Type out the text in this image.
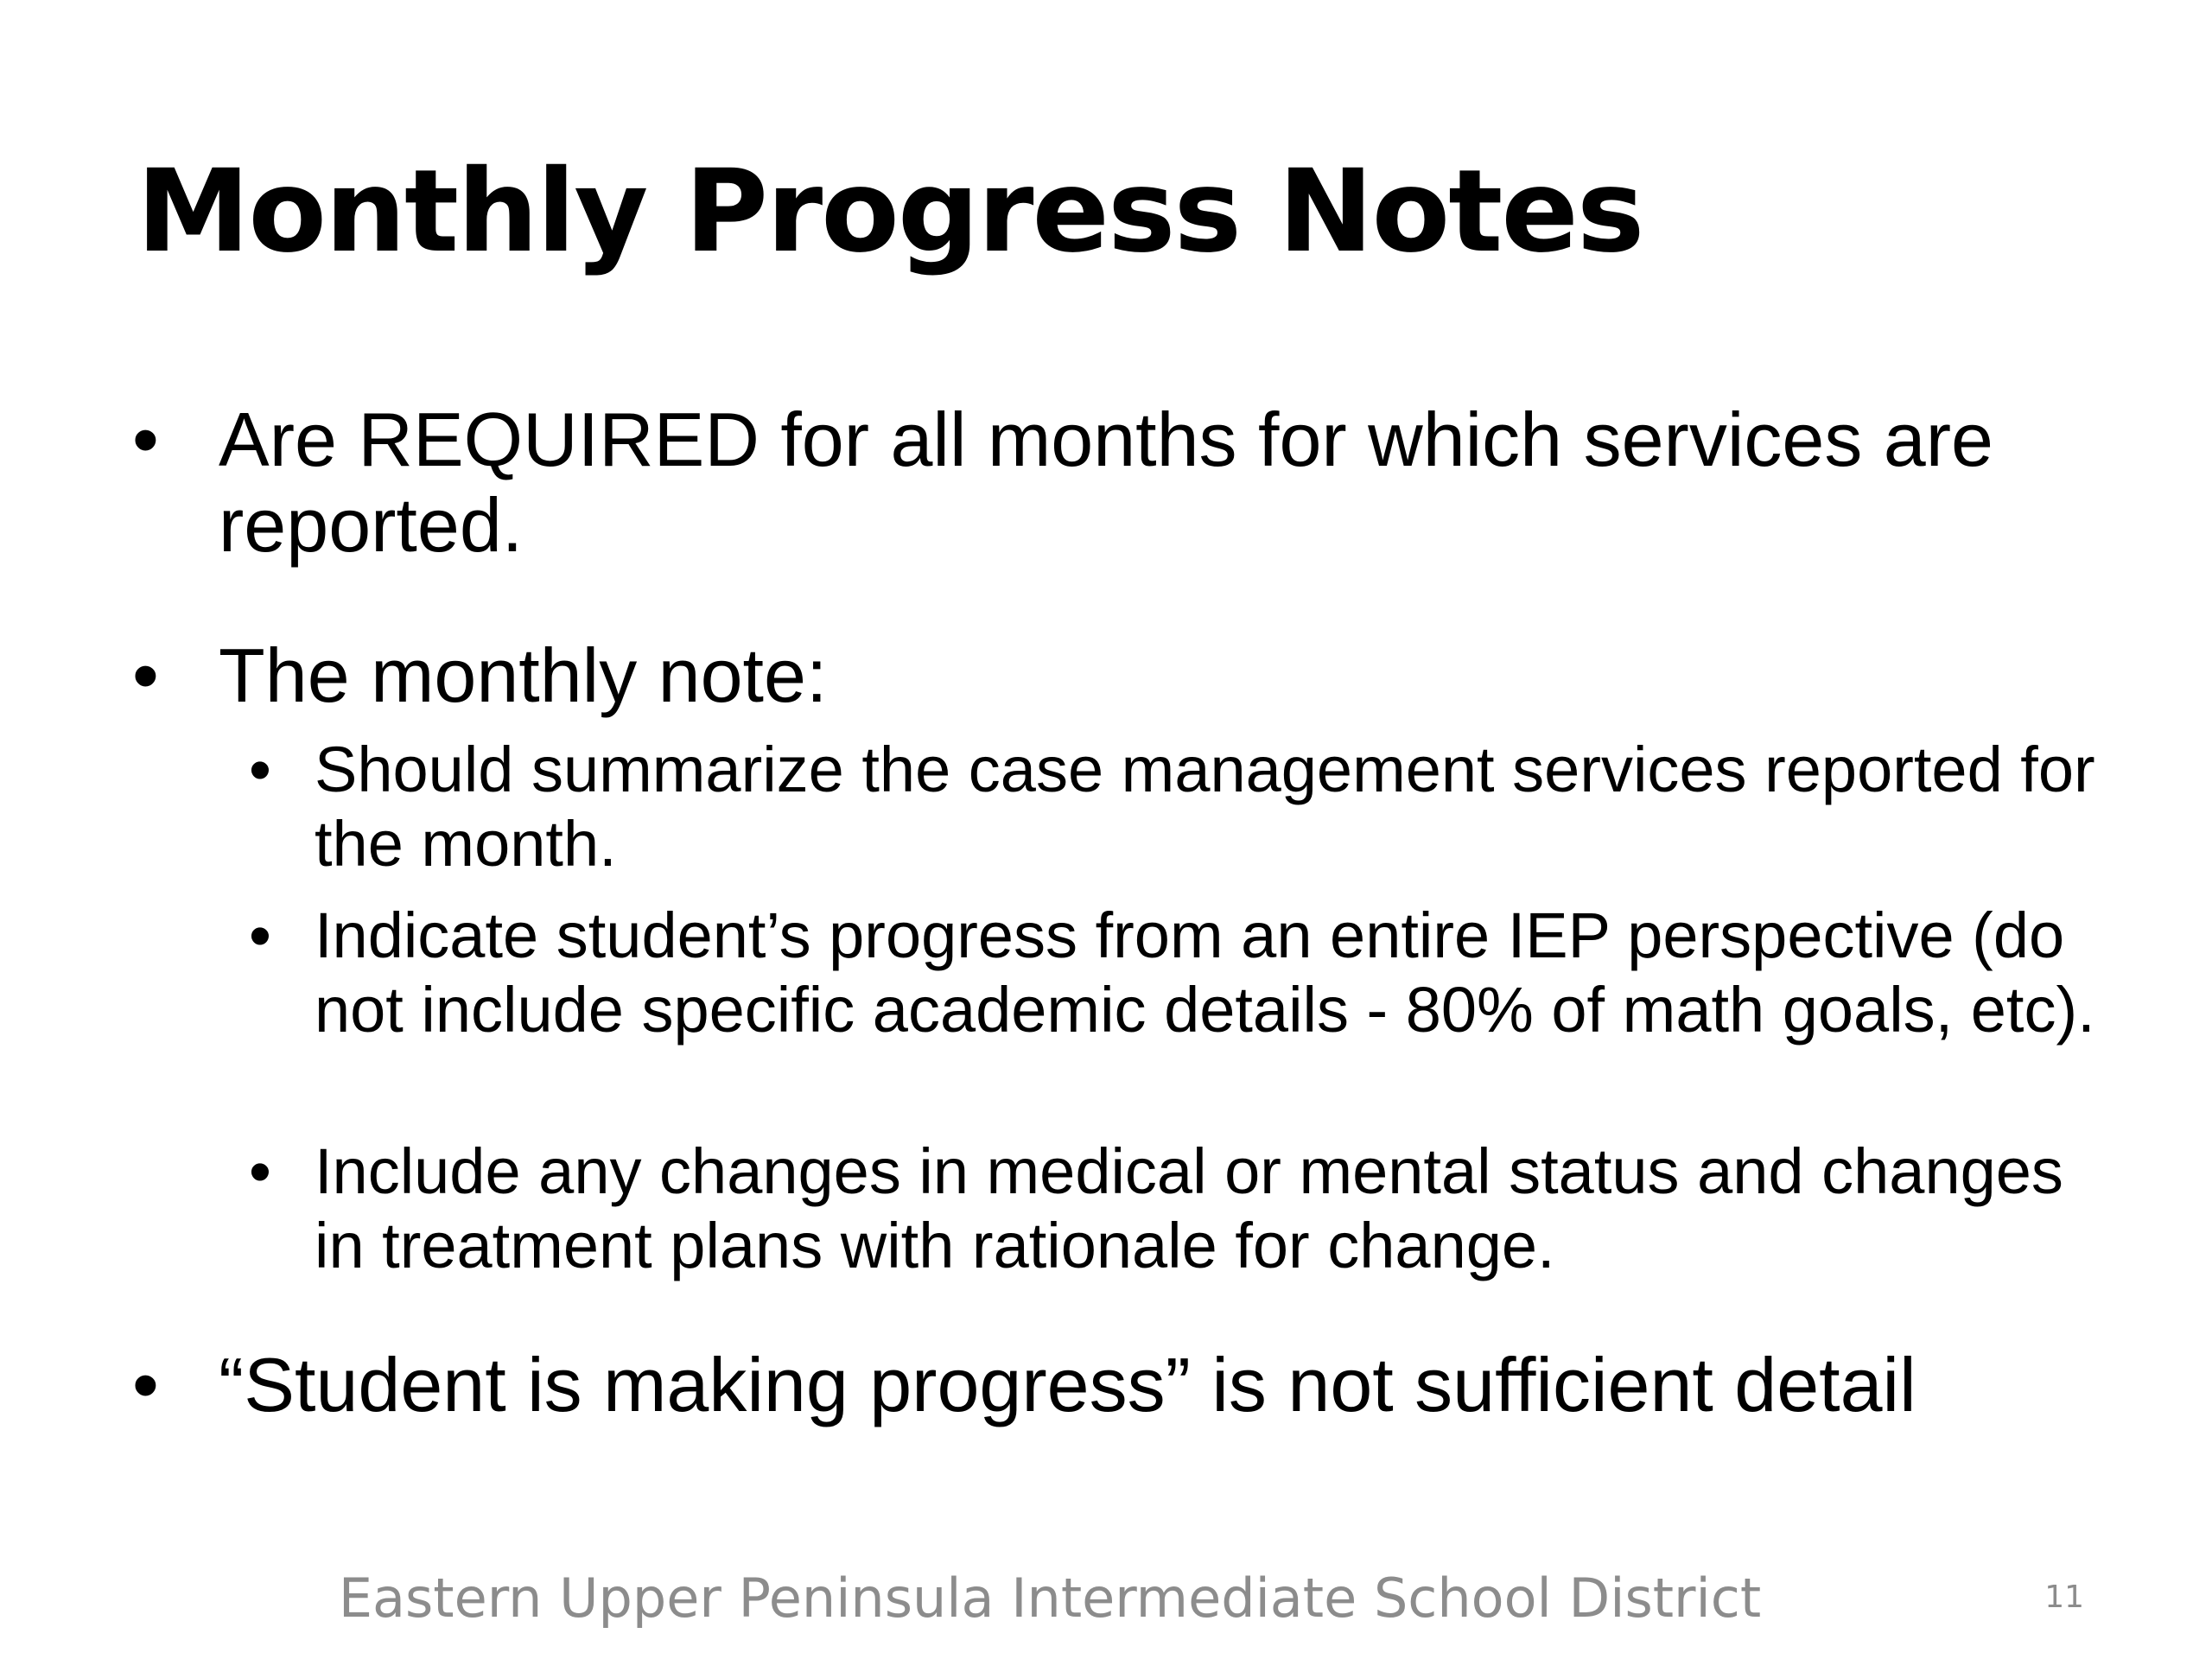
Monthly Progress Notes
• Are REQUIRED for all months for which services are reported.
• The monthly note:
• Should summarize the case management services reported for the month.
• Indicate student’s progress from an entire IEP perspective (do not include specific academic details - 80% of math goals, etc).
• Include any changes in medical or mental status and changes in treatment plans with rationale for change.
• “Student is making progress” is not sufficient detail
Eastern Upper Peninsula Intermediate School District	11
